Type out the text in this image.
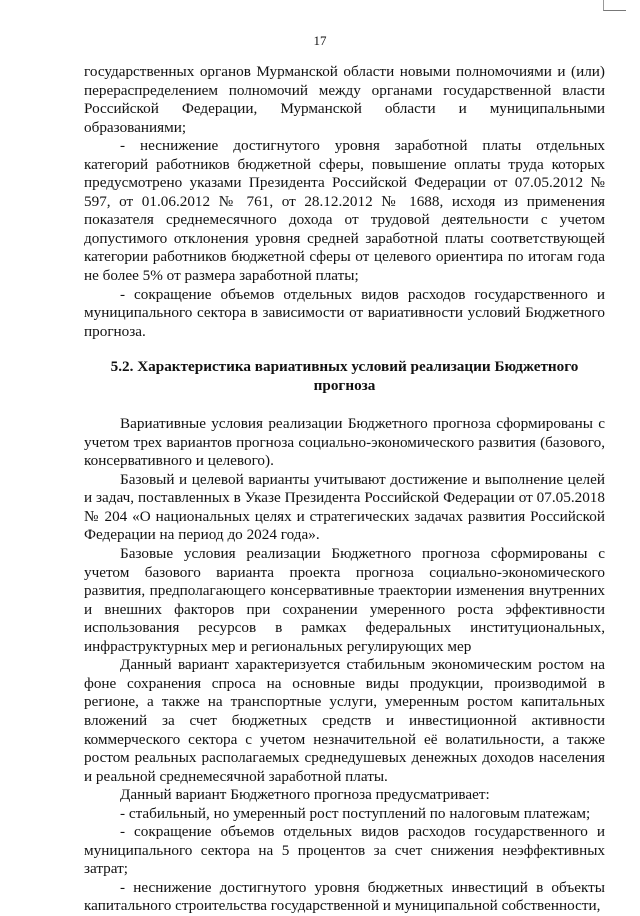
17

государственных органов Мурманской области новыми полномочиями и (или) перераспределением полномочий между органами государственной власти Российской Федерации, Мурманской области и муниципальными образованиями;

- неснижение достигнутого уровня заработной платы отдельных категорий работников бюджетной сферы, повышение оплаты труда которых предусмотрено указами Президента Российской Федерации от 07.05.2012 № 597, от 01.06.2012 № 761, от 28.12.2012 № 1688, исходя из применения показателя среднемесячного дохода от трудовой деятельности с учетом допустимого отклонения уровня средней заработной платы соответствующей категории работников бюджетной сферы от целевого ориентира по итогам года не более 5% от размера заработной платы;

- сокращение объемов отдельных видов расходов государственного и муниципального сектора в зависимости от вариативности условий Бюджетного прогноза.

5.2. Характеристика вариативных условий реализации Бюджетного прогноза

Вариативные условия реализации Бюджетного прогноза сформированы с учетом трех вариантов прогноза социально-экономического развития (базового, консервативного и целевого).

Базовый и целевой варианты учитывают достижение и выполнение целей и задач, поставленных в Указе Президента Российской Федерации от 07.05.2018 № 204 «О национальных целях и стратегических задачах развития Российской Федерации на период до 2024 года».

Базовые условия реализации Бюджетного прогноза сформированы с учетом базового варианта проекта прогноза социально-экономического развития, предполагающего консервативные траектории изменения внутренних и внешних факторов при сохранении умеренного роста эффективности использования ресурсов в рамках федеральных институциональных, инфраструктурных мер и региональных регулирующих мер

Данный вариант характеризуется стабильным экономическим ростом на фоне сохранения спроса на основные виды продукции, производимой в регионе, а также на транспортные услуги, умеренным ростом капитальных вложений за счет бюджетных средств и инвестиционной активности коммерческого сектора с учетом незначительной её волатильности, а также ростом реальных располагаемых среднедушевых денежных доходов населения и реальной среднемесячной заработной платы.

Данный вариант Бюджетного прогноза предусматривает:

- стабильный, но умеренный рост поступлений по налоговым платежам;

- сокращение объемов отдельных видов расходов государственного и муниципального сектора на 5 процентов за счет снижения неэффективных затрат;

- неснижение достигнутого уровня бюджетных инвестиций в объекты капитального строительства государственной и муниципальной собственности,
